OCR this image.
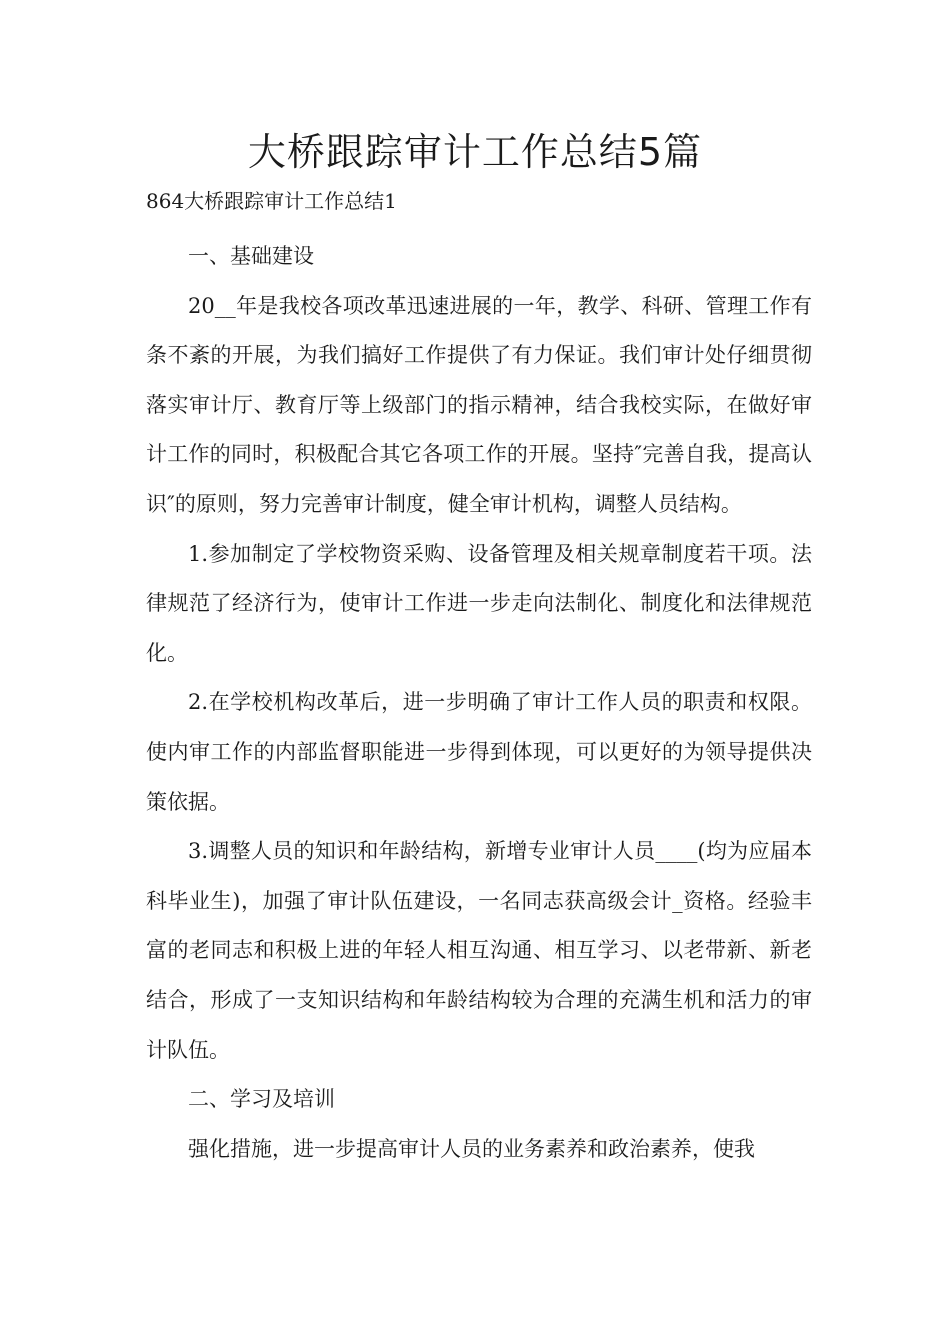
大桥跟踪审计工作总结5篇

864大桥跟踪审计工作总结1

一、基础建设

20__年是我校各项改革迅速进展的一年，教学、科研、管理工作有条不紊的开展，为我们搞好工作提供了有力保证。我们审计处仔细贯彻落实审计厅、教育厅等上级部门的指示精神，结合我校实际，在做好审计工作的同时，积极配合其它各项工作的开展。坚持″完善自我，提高认识″的原则，努力完善审计制度，健全审计机构，调整人员结构。

1.参加制定了学校物资采购、设备管理及相关规章制度若干项。法律规范了经济行为，使审计工作进一步走向法制化、制度化和法律规范化。

2.在学校机构改革后，进一步明确了审计工作人员的职责和权限。使内审工作的内部监督职能进一步得到体现，可以更好的为领导提供决策依据。

3.调整人员的知识和年龄结构，新增专业审计人员____(均为应届本科毕业生)，加强了审计队伍建设，一名同志获高级会计_资格。经验丰富的老同志和积极上进的年轻人相互沟通、相互学习、以老带新、新老结合，形成了一支知识结构和年龄结构较为合理的充满生机和活力的审计队伍。

二、学习及培训

强化措施，进一步提高审计人员的业务素养和政治素养，使我
